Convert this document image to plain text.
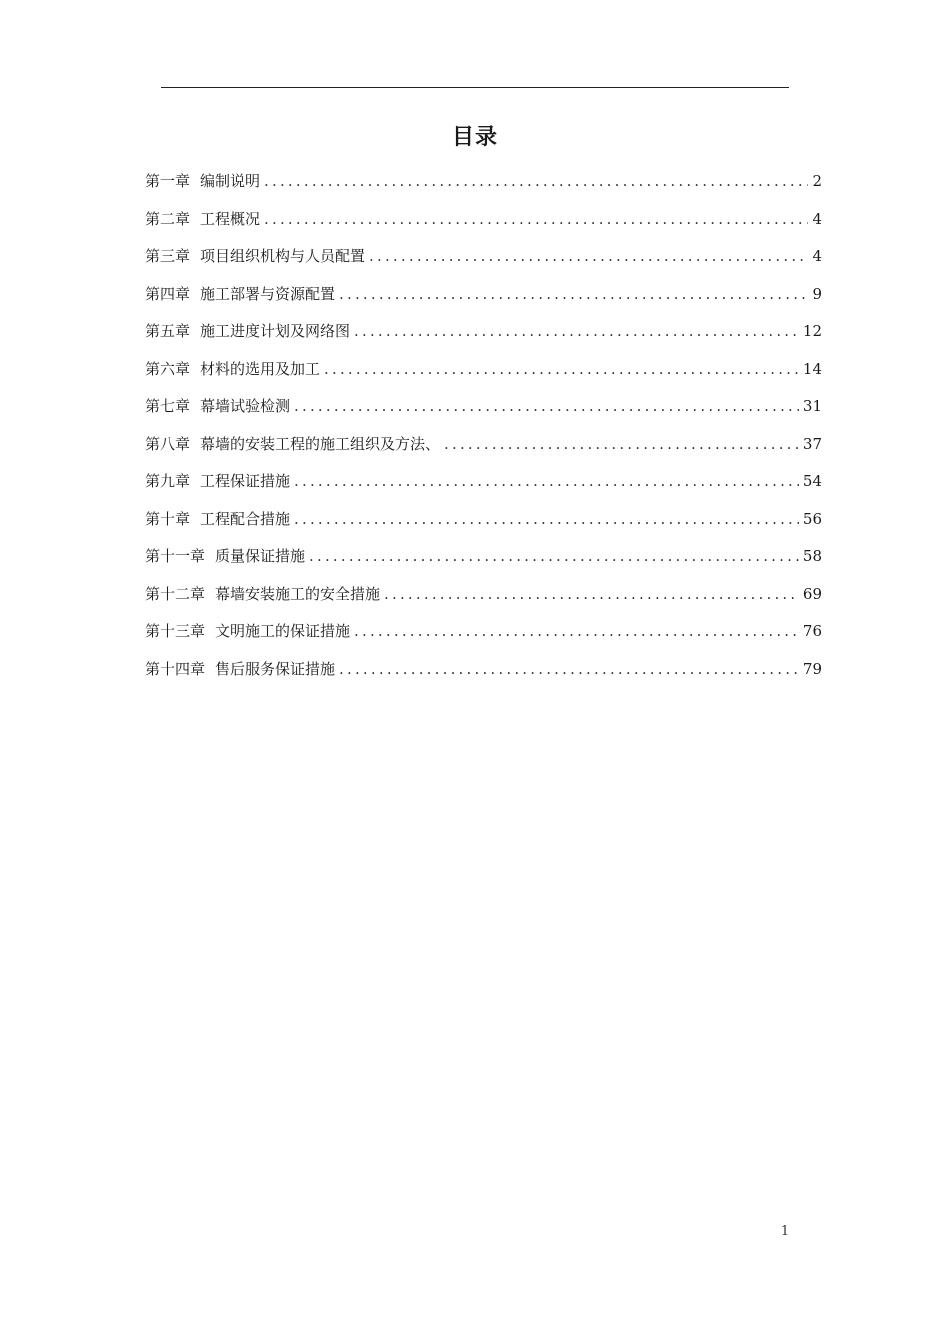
目录
第一章 编制说明 .....	2
第二章 工程概况 .....	4
第三章 项目组织机构与人员配置 .....	4
第四章 施工部署与资源配置 .....	9
第五章 施工进度计划及网络图 .....	12
第六章 材料的选用及加工 .....	14
第七章 幕墙试验检测 .....	31
第八章 幕墙的安装工程的施工组织及方法、 .....	37
第九章 工程保证措施 .....	54
第十章 工程配合措施 .....	56
第十一章 质量保证措施 .....	58
第十二章 幕墙安装施工的安全措施 .....	69
第十三章 文明施工的保证措施 .....	76
第十四章 售后服务保证措施 .....	79
1
